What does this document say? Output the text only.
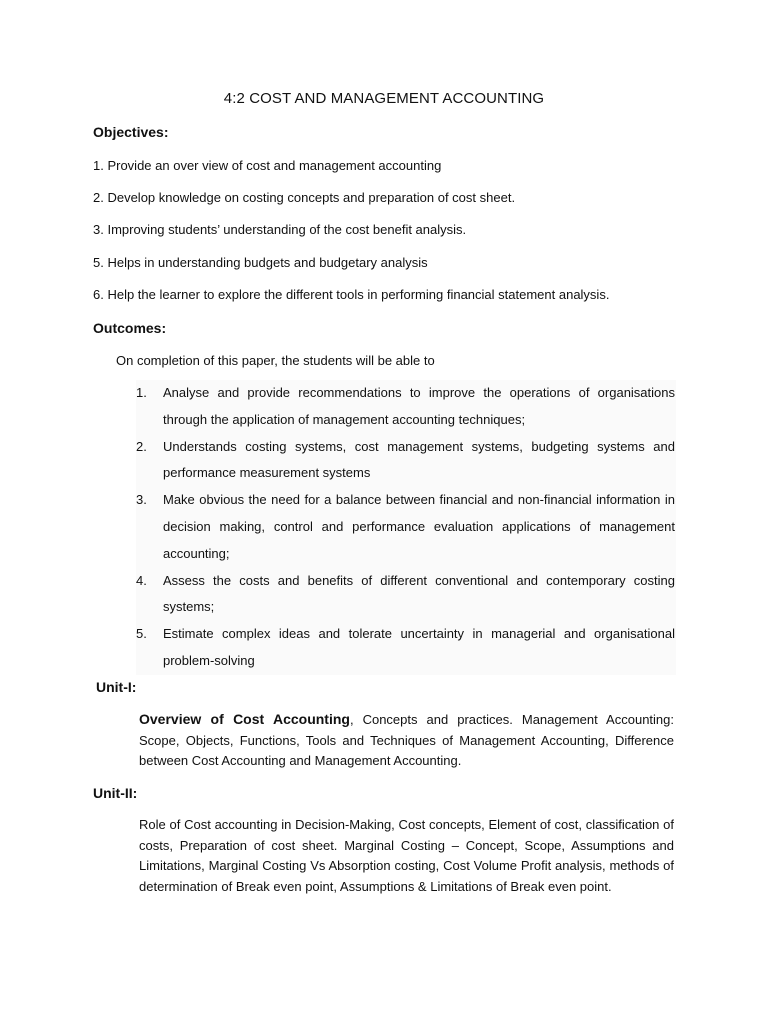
4:2 COST AND MANAGEMENT ACCOUNTING
Objectives:
1. Provide an over view of cost and management accounting
2. Develop knowledge on costing concepts and preparation of cost sheet.
3. Improving students’ understanding of the cost benefit analysis.
5. Helps in understanding budgets and budgetary analysis
6. Help the learner to explore the different tools in performing financial statement analysis.
Outcomes:
On completion of this paper, the students will be able to
1.	Analyse and provide recommendations to improve the operations of organisations through the application of management accounting techniques;
2.	Understands costing systems, cost management systems, budgeting systems and performance measurement systems
3.	Make obvious the need for a balance between financial and non-financial information in decision making, control and performance evaluation applications of management accounting;
4.	Assess the costs and benefits of different conventional and contemporary costing systems;
5.	Estimate complex ideas and tolerate uncertainty in managerial and organisational problem-solving
Unit-I:
Overview of Cost Accounting, Concepts and practices. Management Accounting: Scope, Objects, Functions, Tools and Techniques of Management Accounting, Difference between Cost Accounting and Management Accounting.
Unit-II:
Role of Cost accounting in Decision-Making, Cost concepts, Element of cost, classification of costs, Preparation of cost sheet. Marginal Costing – Concept, Scope, Assumptions and Limitations, Marginal Costing Vs Absorption costing, Cost Volume Profit analysis, methods of determination of Break even point, Assumptions & Limitations of Break even point.
